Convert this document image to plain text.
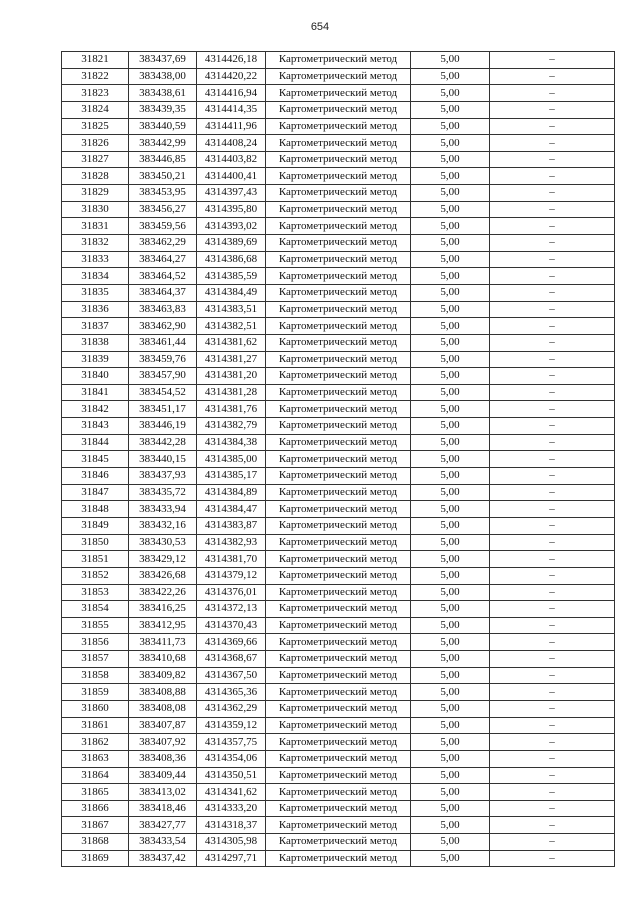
654
31821	383437,69	4314426,18	Картометрический метод	5,00	–
31822	383438,00	4314420,22	Картометрический метод	5,00	–
31823	383438,61	4314416,94	Картометрический метод	5,00	–
31824	383439,35	4314414,35	Картометрический метод	5,00	–
31825	383440,59	4314411,96	Картометрический метод	5,00	–
31826	383442,99	4314408,24	Картометрический метод	5,00	–
31827	383446,85	4314403,82	Картометрический метод	5,00	–
31828	383450,21	4314400,41	Картометрический метод	5,00	–
31829	383453,95	4314397,43	Картометрический метод	5,00	–
31830	383456,27	4314395,80	Картометрический метод	5,00	–
31831	383459,56	4314393,02	Картометрический метод	5,00	–
31832	383462,29	4314389,69	Картометрический метод	5,00	–
31833	383464,27	4314386,68	Картометрический метод	5,00	–
31834	383464,52	4314385,59	Картометрический метод	5,00	–
31835	383464,37	4314384,49	Картометрический метод	5,00	–
31836	383463,83	4314383,51	Картометрический метод	5,00	–
31837	383462,90	4314382,51	Картометрический метод	5,00	–
31838	383461,44	4314381,62	Картометрический метод	5,00	–
31839	383459,76	4314381,27	Картометрический метод	5,00	–
31840	383457,90	4314381,20	Картометрический метод	5,00	–
31841	383454,52	4314381,28	Картометрический метод	5,00	–
31842	383451,17	4314381,76	Картометрический метод	5,00	–
31843	383446,19	4314382,79	Картометрический метод	5,00	–
31844	383442,28	4314384,38	Картометрический метод	5,00	–
31845	383440,15	4314385,00	Картометрический метод	5,00	–
31846	383437,93	4314385,17	Картометрический метод	5,00	–
31847	383435,72	4314384,89	Картометрический метод	5,00	–
31848	383433,94	4314384,47	Картометрический метод	5,00	–
31849	383432,16	4314383,87	Картометрический метод	5,00	–
31850	383430,53	4314382,93	Картометрический метод	5,00	–
31851	383429,12	4314381,70	Картометрический метод	5,00	–
31852	383426,68	4314379,12	Картометрический метод	5,00	–
31853	383422,26	4314376,01	Картометрический метод	5,00	–
31854	383416,25	4314372,13	Картометрический метод	5,00	–
31855	383412,95	4314370,43	Картометрический метод	5,00	–
31856	383411,73	4314369,66	Картометрический метод	5,00	–
31857	383410,68	4314368,67	Картометрический метод	5,00	–
31858	383409,82	4314367,50	Картометрический метод	5,00	–
31859	383408,88	4314365,36	Картометрический метод	5,00	–
31860	383408,08	4314362,29	Картометрический метод	5,00	–
31861	383407,87	4314359,12	Картометрический метод	5,00	–
31862	383407,92	4314357,75	Картометрический метод	5,00	–
31863	383408,36	4314354,06	Картометрический метод	5,00	–
31864	383409,44	4314350,51	Картометрический метод	5,00	–
31865	383413,02	4314341,62	Картометрический метод	5,00	–
31866	383418,46	4314333,20	Картометрический метод	5,00	–
31867	383427,77	4314318,37	Картометрический метод	5,00	–
31868	383433,54	4314305,98	Картометрический метод	5,00	–
31869	383437,42	4314297,71	Картометрический метод	5,00	–
